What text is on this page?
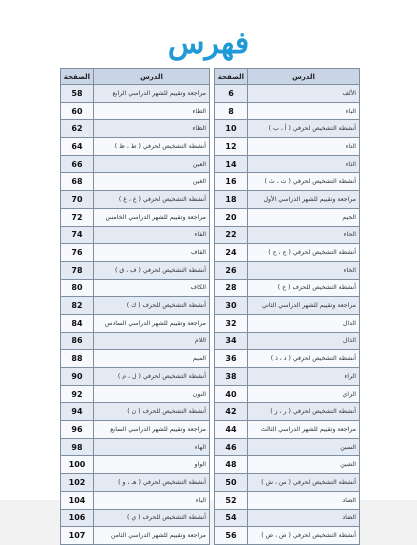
فهرس
الدرس	الصفحة
مراجعة وتقييم للشهر الدراسي الرابع	58
الطاء	60
الظاء	62
أنشطة التشخيص لحرفي ( ط ، ظ )	64
العين	66
الغين	68
أنشطة التشخيص لحرفي ( ع ، غ )	70
مراجعة وتقييم للشهر الدراسي الخامس	72
الفاء	74
القاف	76
أنشطة التشخيص لحرفي ( ف ، ق )	78
الكاف	80
أنشطة التشخيص للحرف ( ك )	82
مراجعة وتقييم للشهر الدراسي السادس	84
اللام	86
الميم	88
أنشطة التشخيص لحرفي ( ل ، م )	90
النون	92
أنشطة التشخيص للحرف ( ن )	94
مراجعة وتقييم للشهر الدراسي السابع	96
الهاء	98
الواو	100
أنشطة التشخيص لحرفي ( هـ ، و )	102
الياء	104
أنشطة التشخيص للحرف ( ي )	106
مراجعة وتقييم للشهر الدراسي الثامن	107
الدرس	الصفحة
الألف	6
الباء	8
أنشطة التشخيص لحرفي ( أ ، ب )	10
التاء	12
الثاء	14
أنشطة التشخيص لحرفي ( ت ، ث )	16
مراجعة وتقييم للشهر الدراسي الأول	18
الجيم	20
الحاء	22
أنشطة التشخيص لحرفي ( ج ، ح )	24
الخاء	26
أنشطة التشخيص للحرف ( خ )	28
مراجعة وتقييم للشهر الدراسي الثاني	30
الدال	32
الذال	34
أنشطة التشخيص لحرفي ( د ، ذ )	36
الراء	38
الزاي	40
أنشطة التشخيص لحرفي ( ر ، ز )	42
مراجعة وتقييم للشهر الدراسي الثالث	44
السين	46
الشين	48
أنشطة التشخيص لحرفي ( س ، ش )	50
الصاد	52
الضاد	54
أنشطة التشخيص لحرفي ( ص ، ض )	56
